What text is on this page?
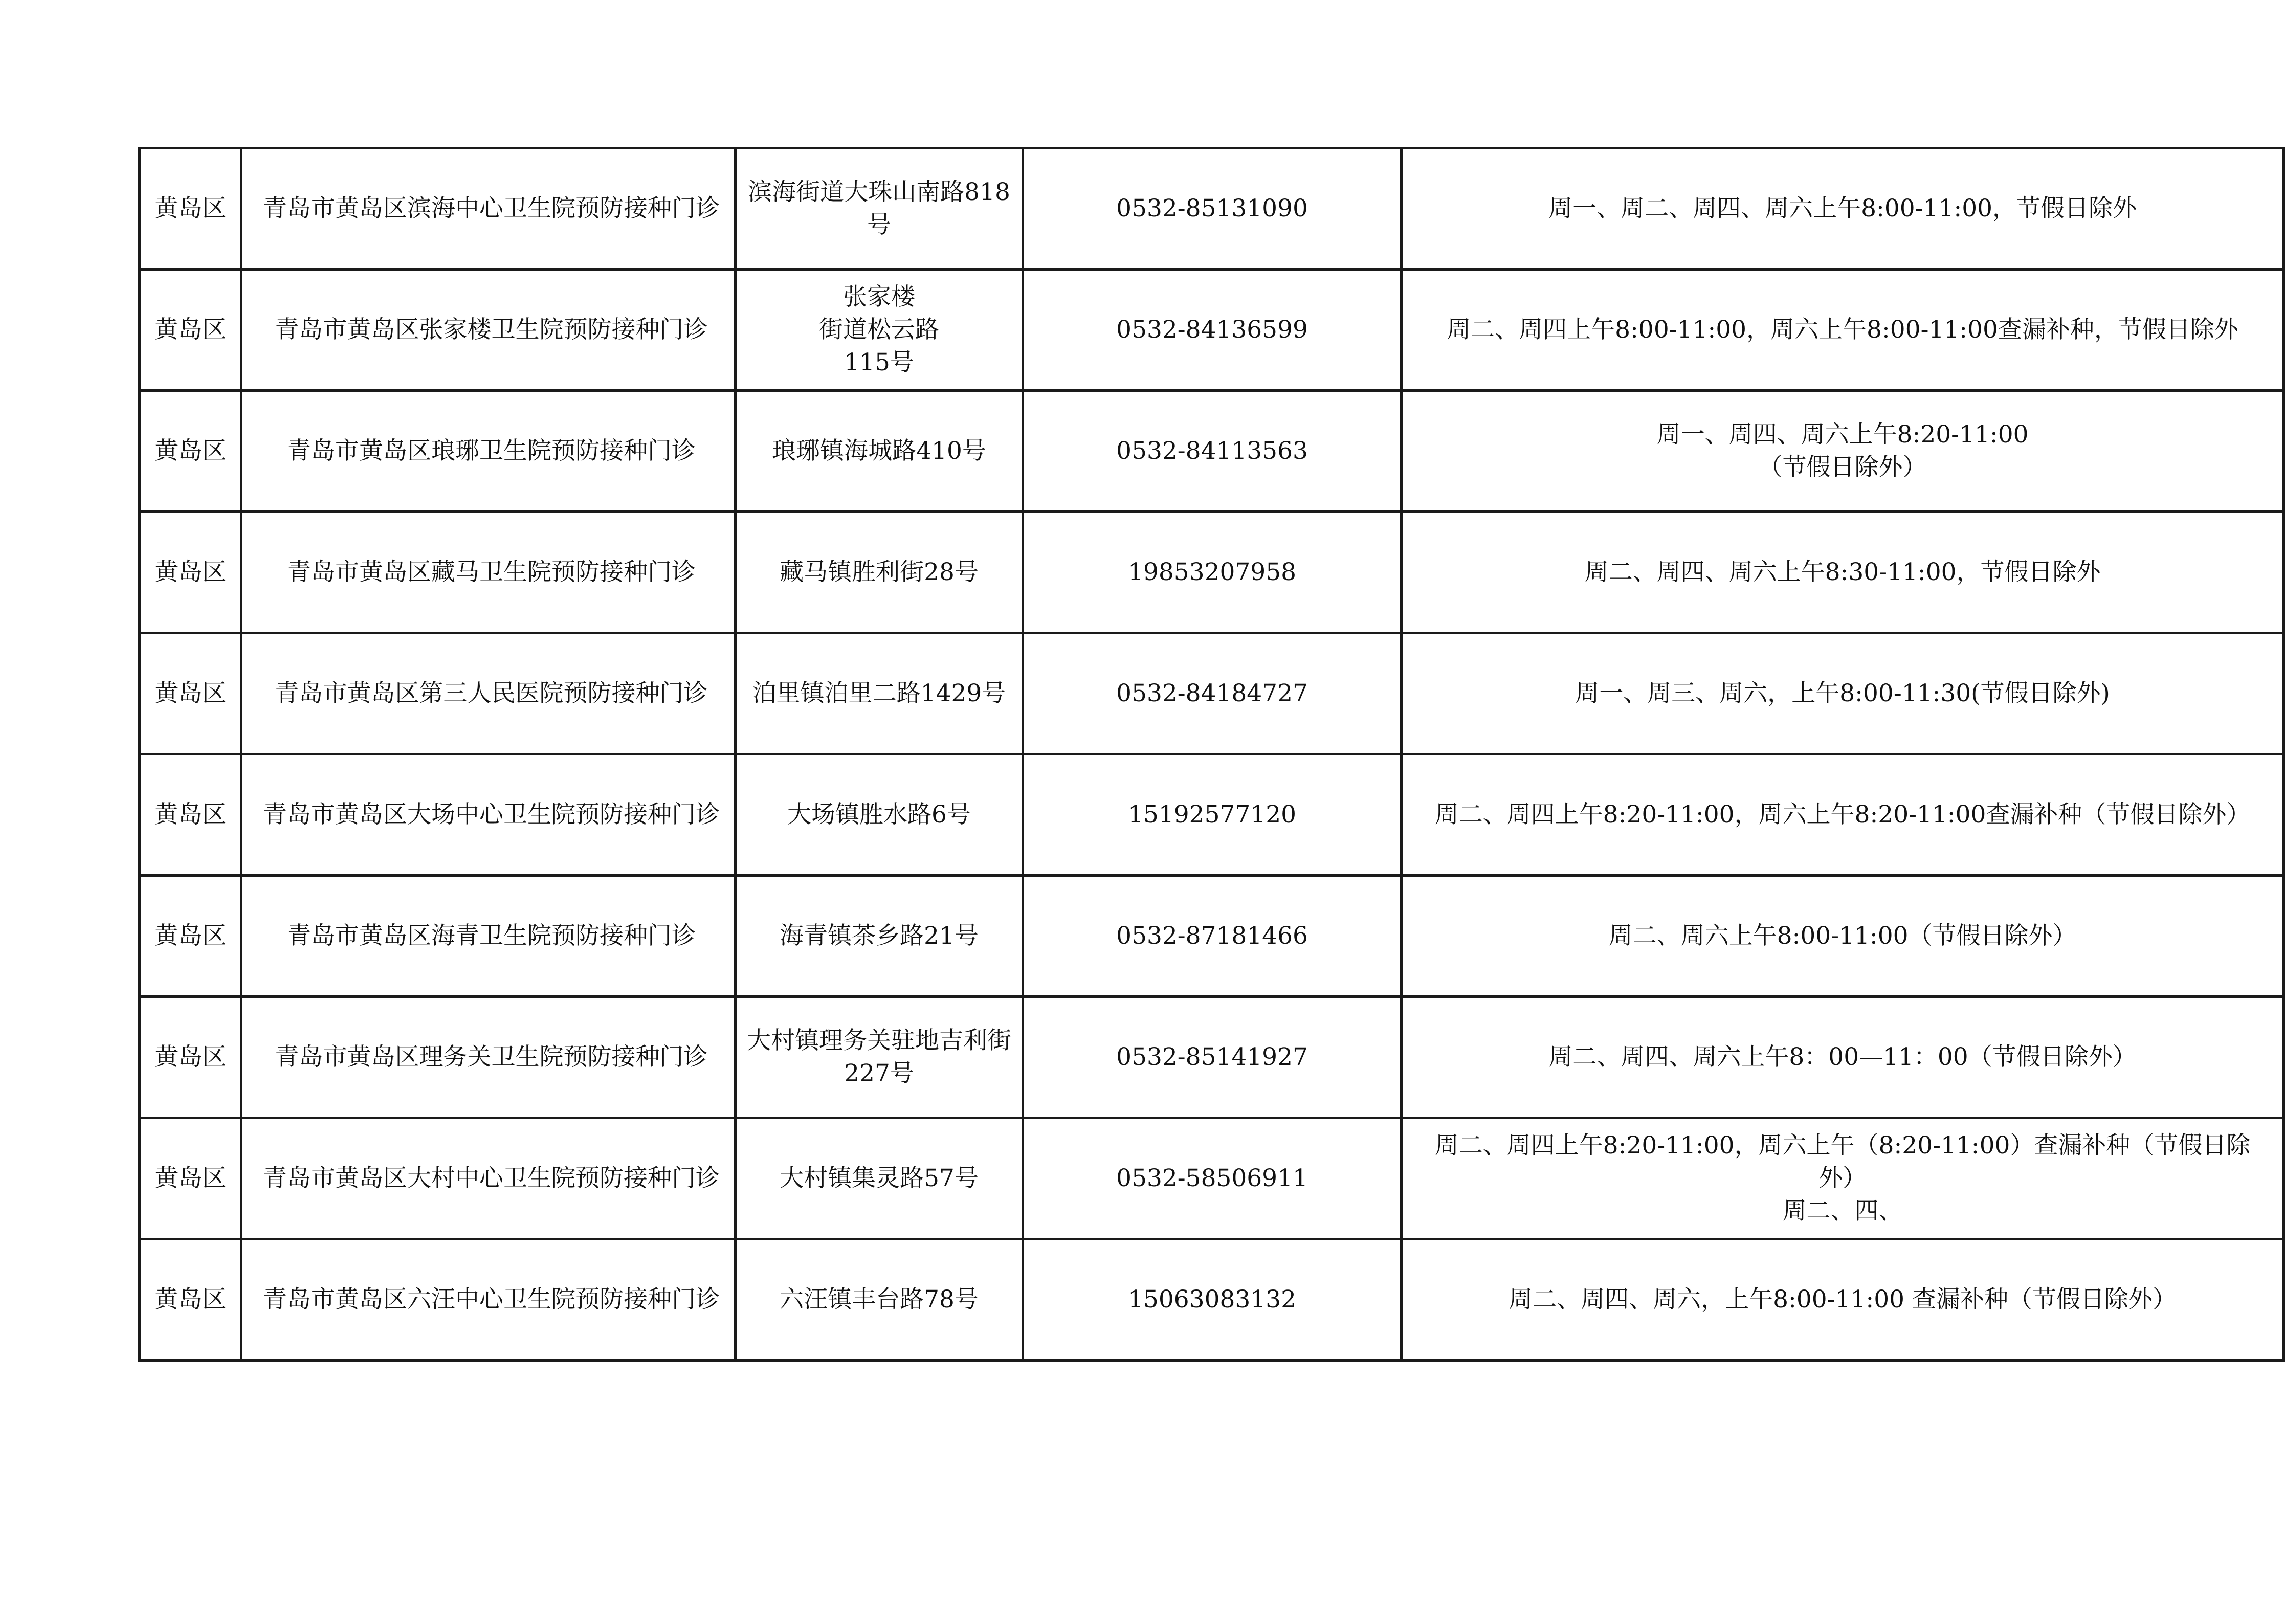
黄岛区	青岛市黄岛区滨海中心卫生院预防接种门诊	滨海街道大珠山南路818号	0532-85131090	周一、周二、周四、周六上午8:00-11:00，节假日除外
黄岛区	青岛市黄岛区张家楼卫生院预防接种门诊	张家楼
街道松云路
115号	0532-84136599	周二、周四上午8:00-11:00，周六上午8:00-11:00查漏补种，节假日除外
黄岛区	青岛市黄岛区琅琊卫生院预防接种门诊	琅琊镇海城路410号	0532-84113563	周一、周四、周六上午8:20-11:00
（节假日除外）
黄岛区	青岛市黄岛区藏马卫生院预防接种门诊	藏马镇胜利街28号	19853207958	周二、周四、周六上午8:30-11:00，节假日除外
黄岛区	青岛市黄岛区第三人民医院预防接种门诊	泊里镇泊里二路1429号	0532-84184727	周一、周三、周六，上午8:00-11:30(节假日除外)
黄岛区	青岛市黄岛区大场中心卫生院预防接种门诊	大场镇胜水路6号	15192577120	周二、周四上午8:20-11:00，周六上午8:20-11:00查漏补种（节假日除外）
黄岛区	青岛市黄岛区海青卫生院预防接种门诊	海青镇茶乡路21号	0532-87181466	周二、周六上午8:00-11:00（节假日除外）
黄岛区	青岛市黄岛区理务关卫生院预防接种门诊	大村镇理务关驻地吉利街227号	0532-85141927	周二、周四、周六上午8：00—11：00（节假日除外）
黄岛区	青岛市黄岛区大村中心卫生院预防接种门诊	大村镇集灵路57号	0532-58506911	周二、周四上午8:20-11:00，周六上午（8:20-11:00）查漏补种（节假日除外）
周二、四、
黄岛区	青岛市黄岛区六汪中心卫生院预防接种门诊	六汪镇丰台路78号	15063083132	周二、周四、周六，上午8:00-11:00 查漏补种（节假日除外）
